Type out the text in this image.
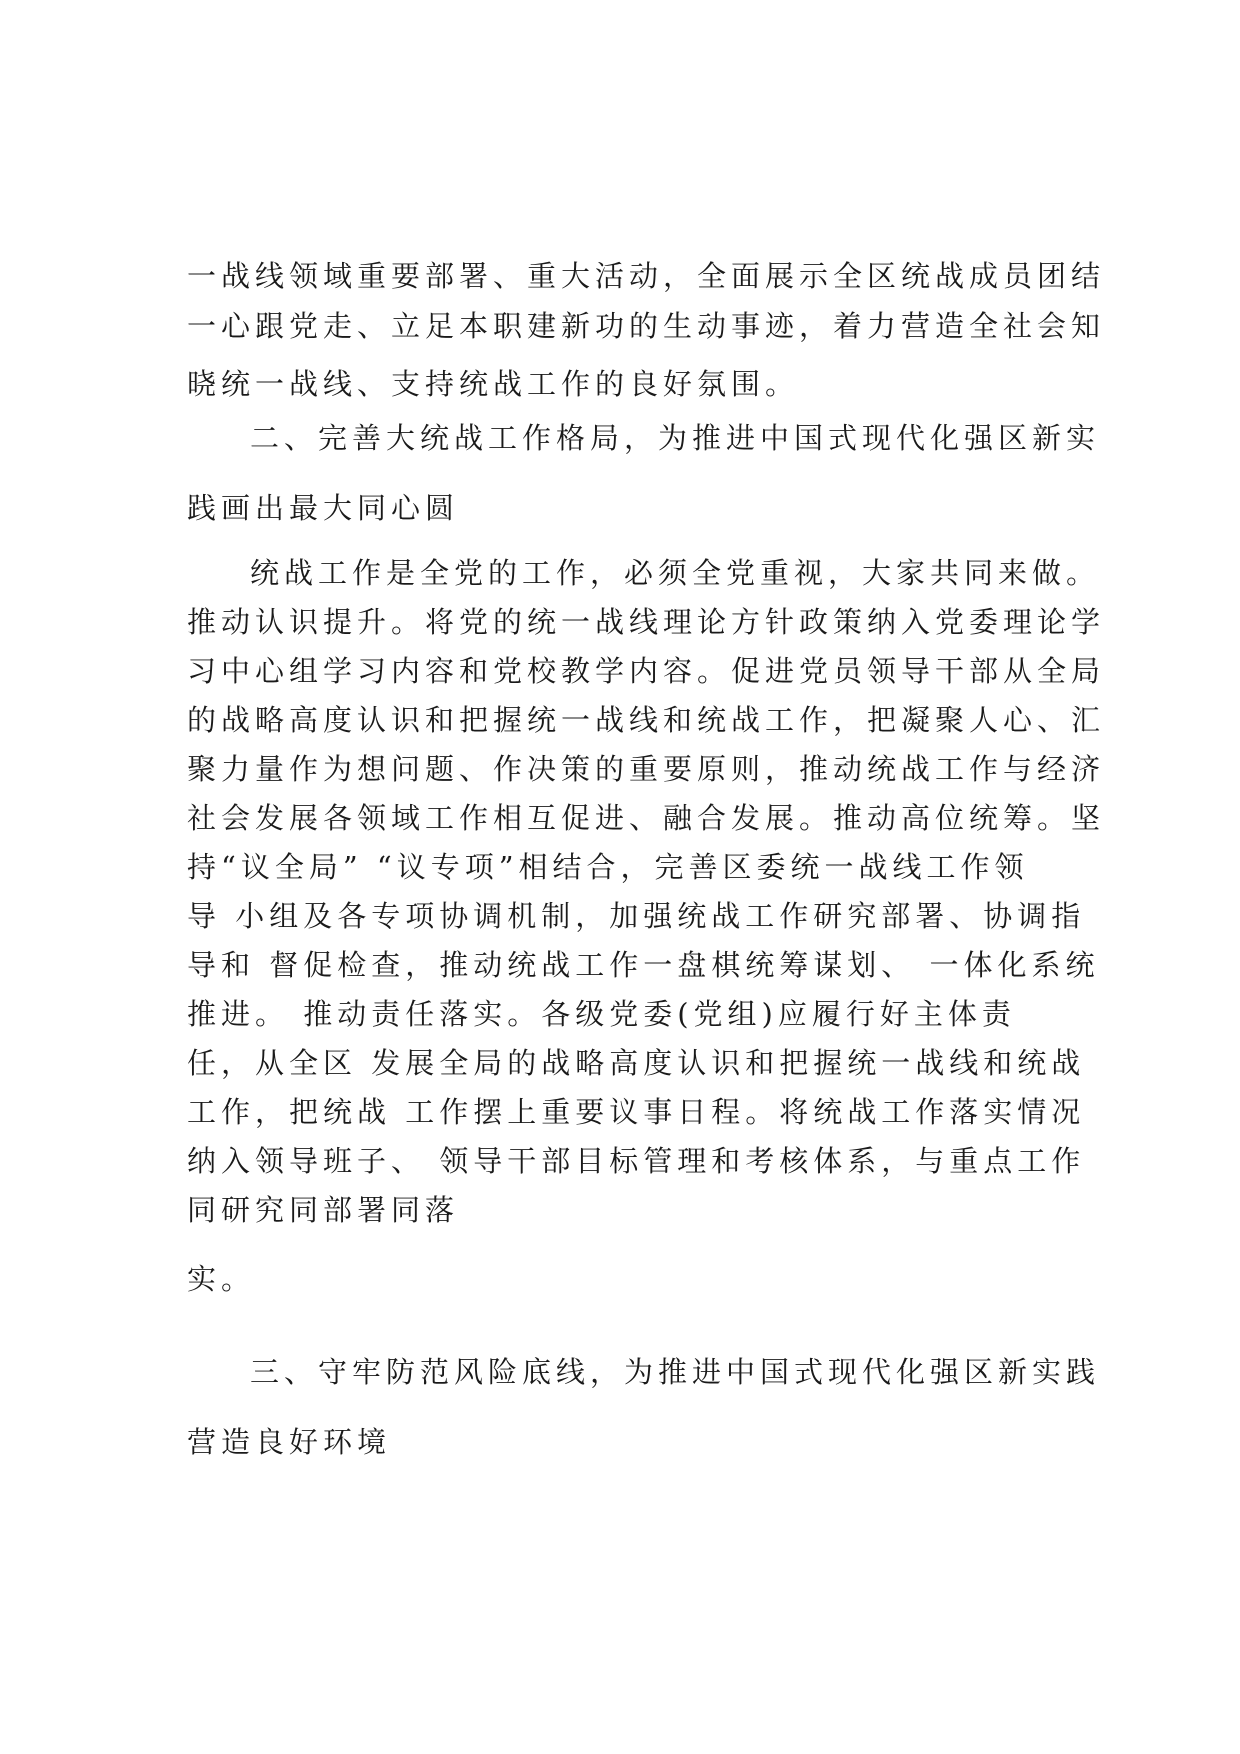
一战线领域重要部署、重大活动，全面展示全区统战成员团结
一心跟党走、立足本职建新功的生动事迹，着力营造全社会知
晓统一战线、支持统战工作的良好氛围。
二、完善大统战工作格局，为推进中国式现代化强区新实
践画出最大同心圆
统战工作是全党的工作，必须全党重视，大家共同来做。
推动认识提升。将党的统一战线理论方针政策纳入党委理论学
习中心组学习内容和党校教学内容。促进党员领导干部从全局
的战略高度认识和把握统一战线和统战工作，把凝聚人心、汇
聚力量作为想问题、作决策的重要原则，推动统战工作与经济
社会发展各领域工作相互促进、融合发展。推动高位统筹。坚
持“议全局” “议专项”相结合，完善区委统一战线工作领
导 小组及各专项协调机制，加强统战工作研究部署、协调指
导和 督促检查，推动统战工作一盘棋统筹谋划、 一体化系统
推进。 推动责任落实。各级党委(党组)应履行好主体责
任，从全区 发展全局的战略高度认识和把握统一战线和统战
工作，把统战 工作摆上重要议事日程。将统战工作落实情况
纳入领导班子、 领导干部目标管理和考核体系，与重点工作
同研究同部署同落
实。
三、守牢防范风险底线，为推进中国式现代化强区新实践
营造良好环境
